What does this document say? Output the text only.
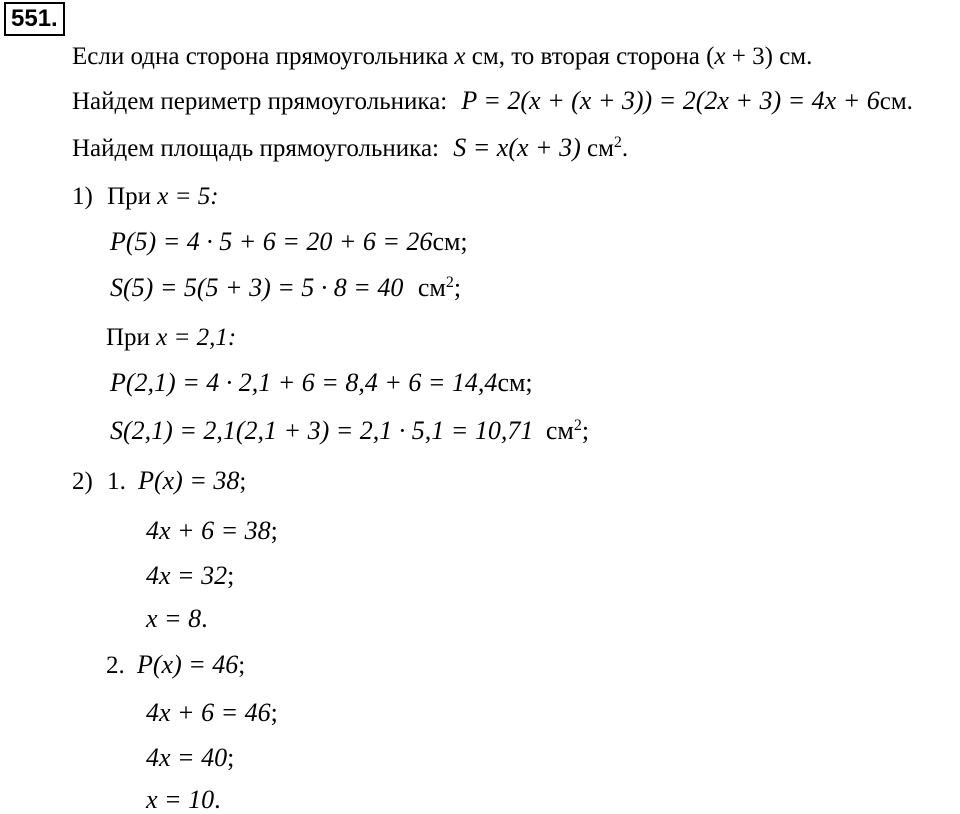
551.
Если одна сторона прямоугольника x см, то вторая сторона (x + 3) см.
Найдем периметр прямоугольника: P = 2(x + (x + 3)) = 2(2x + 3) = 4x + 6см.
Найдем площадь прямоугольника: S = x(x + 3) $см^2$.
1) При x = 5:
P(5) = 4 · 5 + 6 = 20 + 6 = 26см;
S(5) = 5(5 + 3) = 5 · 8 = 40 $см^2$;
При x = 2,1:
P(2,1) = 4 · 2,1 + 6 = 8,4 + 6 = 14,4см;
S(2,1) = 2,1(2,1 + 3) = 2,1 · 5,1 = 10,71 $см^2$;
2) 1. P(x) = 38;
4x + 6 = 38;
4x = 32;
x = 8.
2. P(x) = 46;
4x + 6 = 46;
4x = 40;
x = 10.
